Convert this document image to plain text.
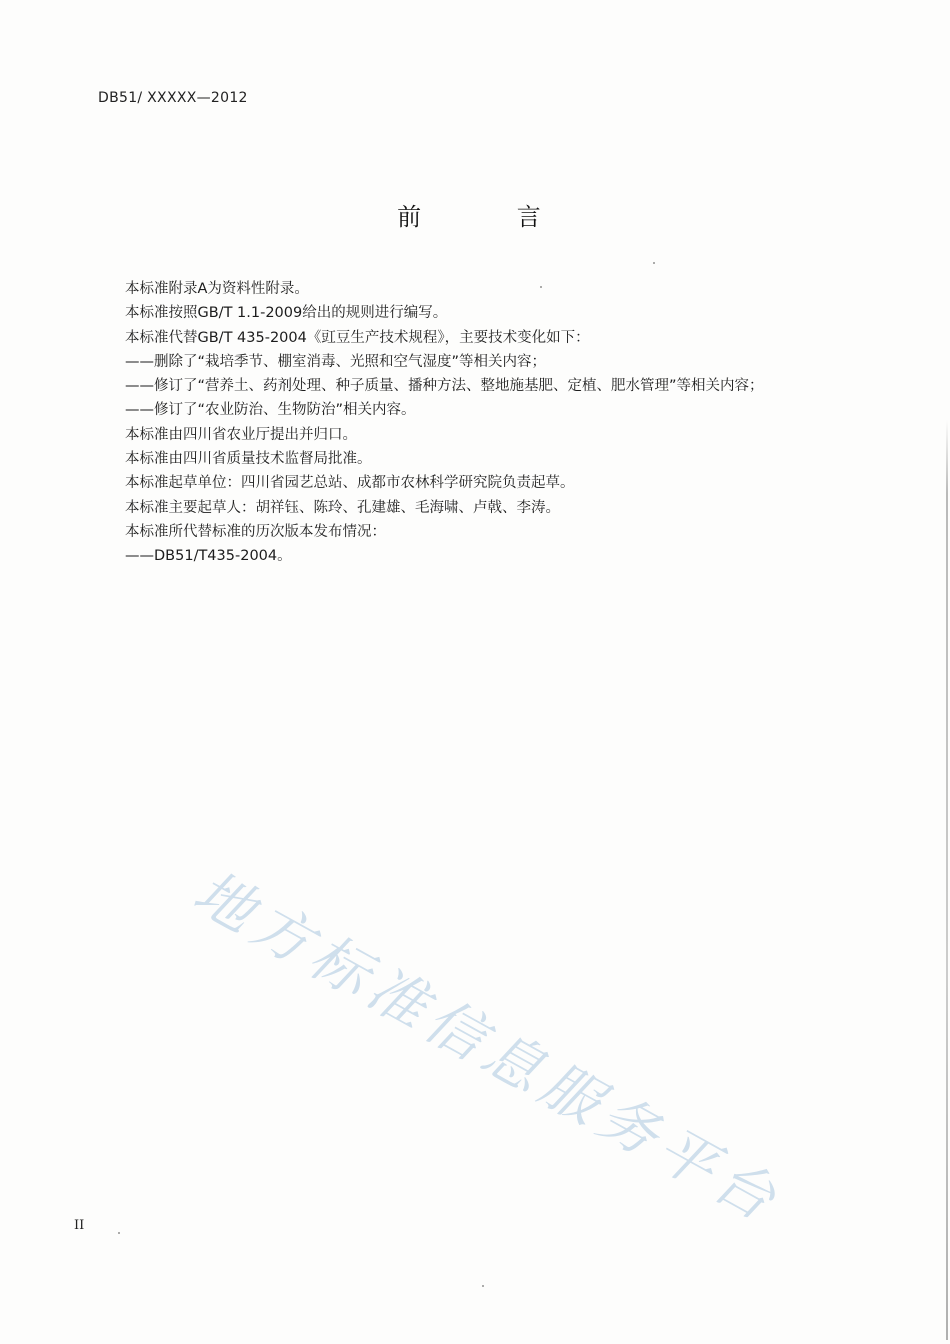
DB51/ XXXXX—2012
前 言

本标准附录A为资料性附录。

本标准按照GB/T 1.1-2009给出的规则进行编写。

本标准代替GB/T 435-2004《豇豆生产技术规程》，主要技术变化如下：

——删除了“栽培季节、棚室消毒、光照和空气湿度”等相关内容；

——修订了“营养土、药剂处理、种子质量、播种方法、整地施基肥、定植、肥水管理”等相关内容；

——修订了“农业防治、生物防治”相关内容。

本标准由四川省农业厅提出并归口。

本标准由四川省质量技术监督局批准。

本标准起草单位：四川省园艺总站、成都市农林科学研究院负责起草。

本标准主要起草人：胡祥钰、陈玲、孔建雄、毛海啸、卢戟、李涛。

本标准所代替标准的历次版本发布情况：

——DB51/T435-2004。

地方标准信息服务平台
II
